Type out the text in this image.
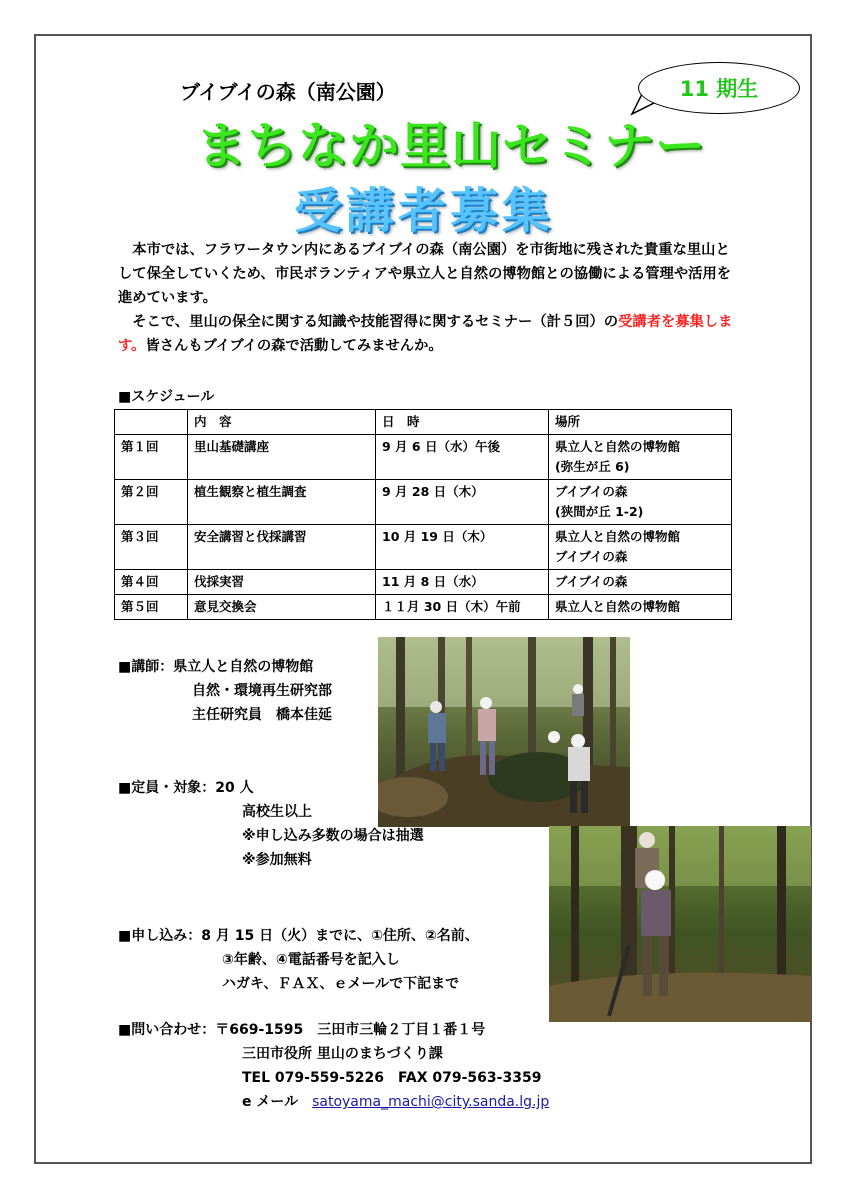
ブイブイの森（南公園）	11 期生
まちなか里山セミナー
受講者募集

　本市では、フラワータウン内にあるブイブイの森（南公園）を市街地に残された貴重な里山として保全していくため、市民ボランティアや県立人と自然の博物館との協働による管理や活用を進めています。

　そこで、里山の保全に関する知識や技能習得に関するセミナー（計５回）の受講者を募集します。皆さんもブイブイの森で活動してみませんか。

■スケジュール
	内　容	日　時	場所
第１回	里山基礎講座	9 月 6 日（水）午後	県立人と自然の博物館
(弥生が丘 6)

第２回	植生観察と植生調査	9 月 28 日（木）	ブイブイの森
(狭間が丘 1-2)

第３回	安全講習と伐採講習	10 月 19 日（木）	県立人と自然の博物館
ブイブイの森

第４回	伐採実習	11 月 8 日（水）	ブイブイの森
第５回	意見交換会	１１月 30 日（木）午前	県立人と自然の博物館
■講師：県立人と自然の博物館
自然・環境再生研究部
主任研究員　橋本佳延
■定員・対象：20 人
高校生以上
※申し込み多数の場合は抽選
※参加無料
■申し込み：8 月 15 日（火）までに、①住所、②名前、
③年齢、④電話番号を記入し
ハガキ、ＦＡＸ、ｅメールで下記まで
■問い合わせ：〒669-1595　三田市三輪２丁目１番１号
三田市役所 里山のまちづくり課
TEL 079-559-5226　FAX 079-563-3359
e メール　 satoyama_machi@city.sanda.lg.jp
